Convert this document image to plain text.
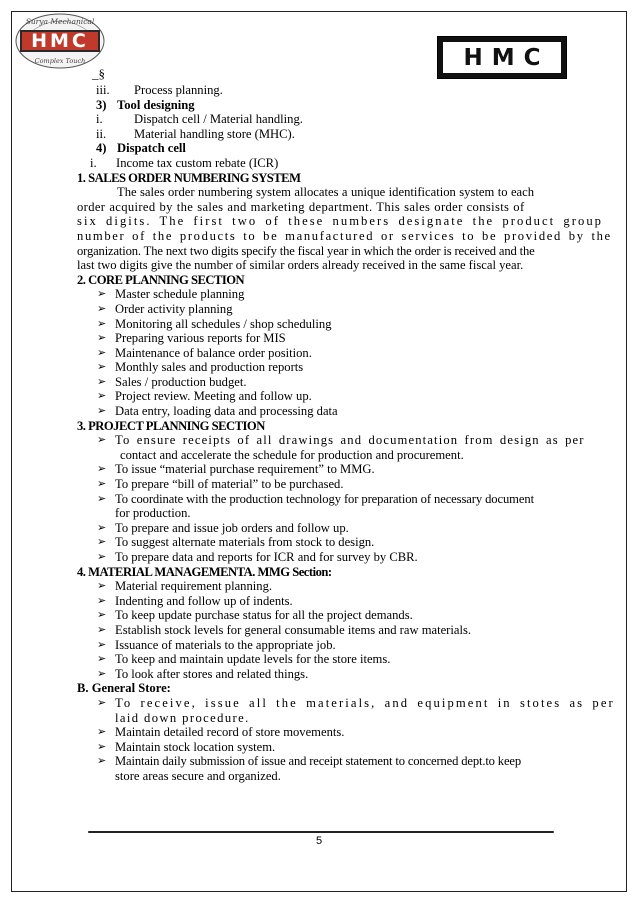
Surya Mechanical
HMC
Complex Touch
_§
HMC
iii. Process planning.
3) Tool designing
i. Dispatch cell / Material handling.
ii. Material handling store (MHC).
4) Dispatch cell
i. Income tax custom rebate (ICR)
1. SALES ORDER NUMBERING SYSTEM
The sales order numbering system allocates a unique identification system to each
order acquired by the sales and marketing department. This sales order consists of
six digits. The first two of these numbers designate the product group
number of the products to be manufactured or services to be provided by the
organization. The next two digits specify the fiscal year in which the order is received and the
last two digits give the number of similar orders already received in the same fiscal year.
2. CORE PLANNING SECTION
➢ Master schedule planning
➢ Order activity planning
➢ Monitoring all schedules / shop scheduling
➢ Preparing various reports for MIS
➢ Maintenance of balance order position.
➢ Monthly sales and production reports
➢ Sales / production budget.
➢ Project review. Meeting and follow up.
➢ Data entry, loading data and processing data
3. PROJECT PLANNING SECTION
➢ To ensure receipts of all drawings and documentation from design as per
contact and accelerate the schedule for production and procurement.
➢ To issue “material purchase requirement” to MMG.
➢ To prepare “bill of material” to be purchased.
➢ To coordinate with the production technology for preparation of necessary document
for production.
➢ To prepare and issue job orders and follow up.
➢ To suggest alternate materials from stock to design.
➢ To prepare data and reports for ICR and for survey by CBR.
4. MATERIAL MANAGEMENTA. MMG Section:
➢ Material requirement planning.
➢ Indenting and follow up of indents.
➢ To keep update purchase status for all the project demands.
➢ Establish stock levels for general consumable items and raw materials.
➢ Issuance of materials to the appropriate job.
➢ To keep and maintain update levels for the store items.
➢ To look after stores and related things.
B. General Store:
➢ To receive, issue all the materials, and equipment in stotes as per
laid down procedure.
➢ Maintain detailed record of store movements.
➢ Maintain stock location system.
➢ Maintain daily submission of issue and receipt statement to concerned dept.to keep
store areas secure and organized.
5
